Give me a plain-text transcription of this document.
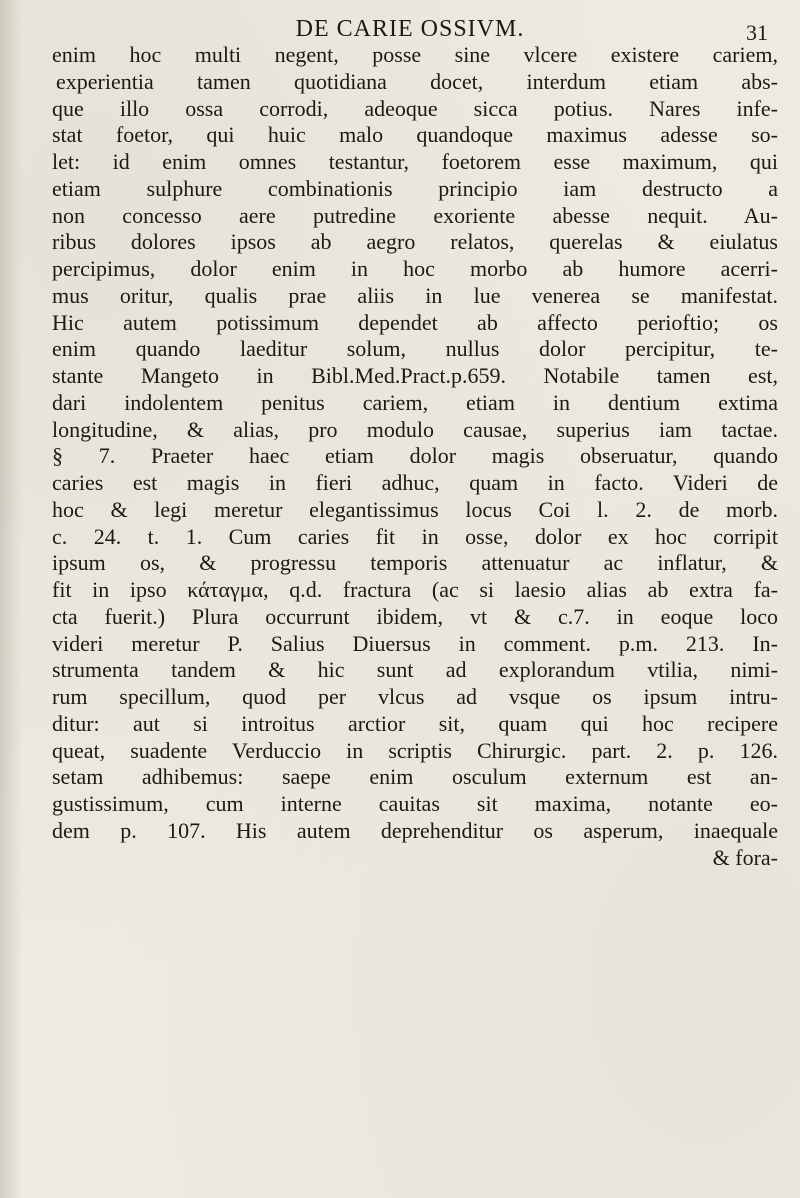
DE CARIE OSSIVM.	31
enim hoc multi negent, posse sine vlcere existere cariem,
experientia tamen quotidiana docet, interdum etiam abs-
que illo ossa corrodi, adeoque sicca potius. Nares infe-
stat foetor, qui huic malo quandoque maximus adesse so-
let: id enim omnes testantur, foetorem esse maximum, qui
etiam sulphure combinationis principio iam destructo a
non concesso aere putredine exoriente abesse nequit. Au-
ribus dolores ipsos ab aegro relatos, querelas & eiulatus
percipimus, dolor enim in hoc morbo ab humore acerri-
mus oritur, qualis prae aliis in lue venerea se manifestat.
Hic autem potissimum dependet ab affecto perioftio; os
enim quando laeditur solum, nullus dolor percipitur, te-
stante Mangeto in Bibl.Med.Pract.p.659. Notabile tamen est,
dari indolentem penitus cariem, etiam in dentium extima
longitudine, & alias, pro modulo causae, superius iam tactae.
§ 7. Praeter haec etiam dolor magis obseruatur, quando
caries est magis in fieri adhuc, quam in facto. Videri de
hoc & legi meretur elegantissimus locus Coi l. 2. de morb.
c. 24. t. 1. Cum caries fit in osse, dolor ex hoc corripit
ipsum os, & progressu temporis attenuatur ac inflatur, &
fit in ipso κάταγμα, q.d. fractura (ac si laesio alias ab extra fa-
cta fuerit.) Plura occurrunt ibidem, vt & c.7. in eoque loco
videri meretur P. Salius Diuersus in comment. p.m. 213. In-
strumenta tandem & hic sunt ad explorandum vtilia, nimi-
rum specillum, quod per vlcus ad vsque os ipsum intru-
ditur: aut si introitus arctior sit, quam qui hoc recipere
queat, suadente Verduccio in scriptis Chirurgic. part. 2. p. 126.
setam adhibemus: saepe enim osculum externum est an-
gustissimum, cum interne cauitas sit maxima, notante eo-
dem p. 107. His autem deprehenditur os asperum, inaequale
& fora-
